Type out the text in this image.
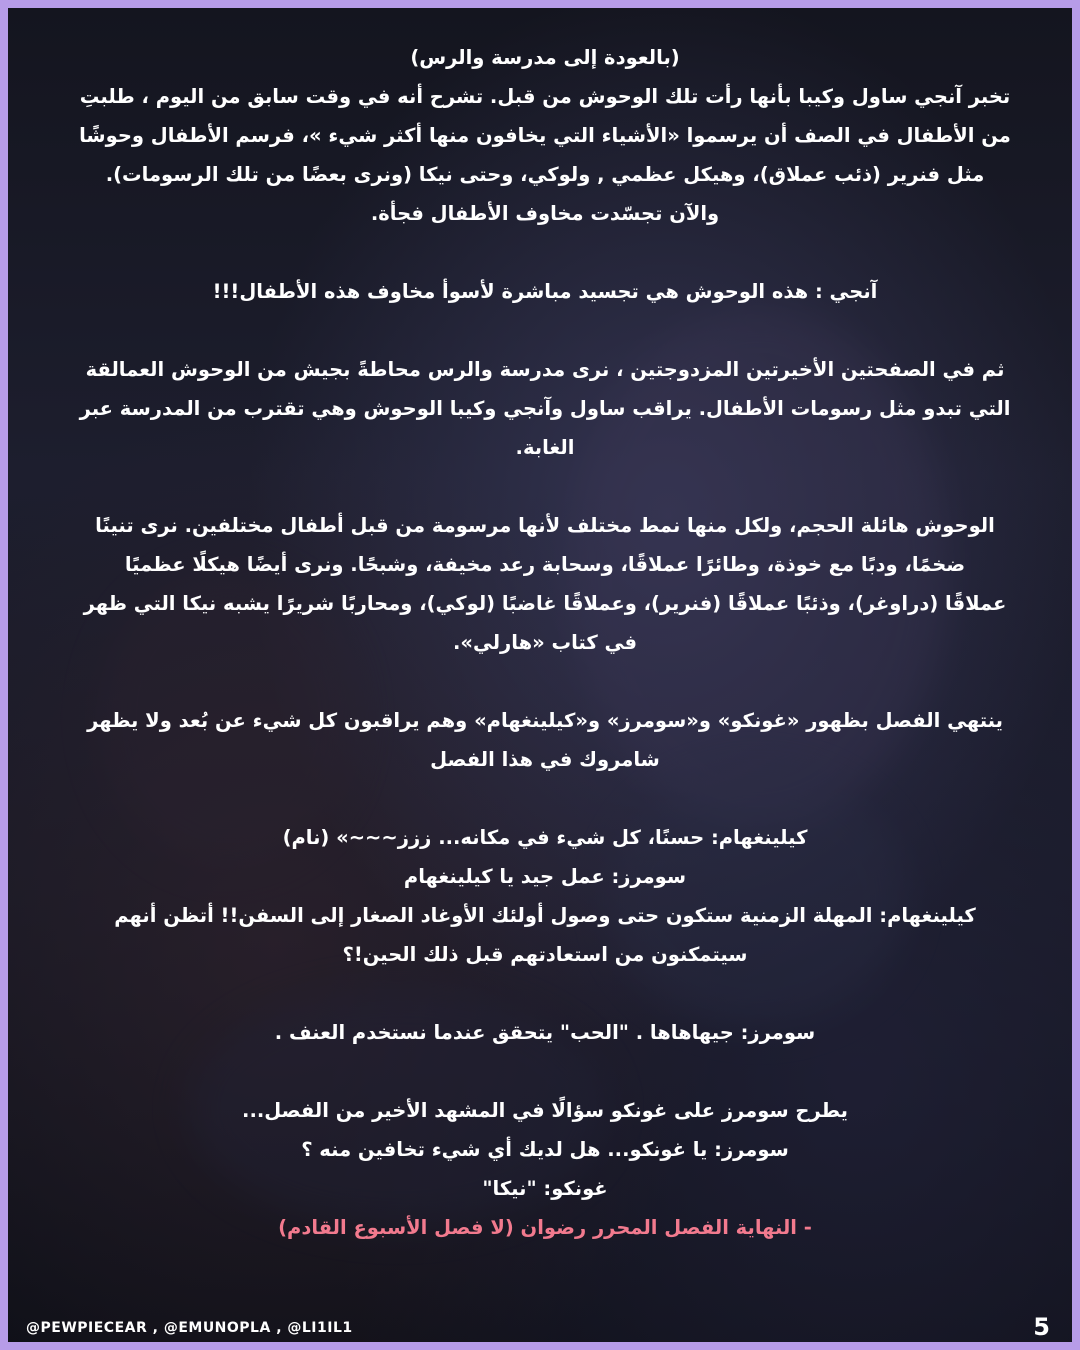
(بالعودة إلى مدرسة والرس)
تخبر آنجي ساول وكيبا بأنها رأت تلك الوحوش من قبل. تشرح أنه في وقت سابق من اليوم ، طلبتِ
من الأطفال في الصف أن يرسموا «الأشياء التي يخافون منها أكثر شيء »، فرسم الأطفال وحوشًا
مثل فنرير (ذئب عملاق)، وهيكل عظمي , ولوكي، وحتى نيكا (ونرى بعضًا من تلك الرسومات).
والآن تجسّدت مخاوف الأطفال فجأة.
آنجي : هذه الوحوش هي تجسيد مباشرة لأسوأ مخاوف هذه الأطفال!!!
ثم في الصفحتين الأخيرتين المزدوجتين ، نرى مدرسة والرس محاطةً بجيش من الوحوش العمالقة
التي تبدو مثل رسومات الأطفال. يراقب ساول وآنجي وكيبا الوحوش وهي تقترب من المدرسة عبر
الغابة.
الوحوش هائلة الحجم، ولكل منها نمط مختلف لأنها مرسومة من قبل أطفال مختلفين. نرى تنينًا
ضخمًا، ودبًا مع خوذة، وطائرًا عملاقًا، وسحابة رعد مخيفة، وشبحًا. ونرى أيضًا هيكلًا عظميًا
عملاقًا (دراوغر)، وذئبًا عملاقًا (فنرير)، وعملاقًا غاضبًا (لوكي)، ومحاربًا شريرًا يشبه نيكا التي ظهر
في كتاب «هارلي».
ينتهي الفصل بظهور «غونكو» و«سومرز» و«كيلينغهام» وهم يراقبون كل شيء عن بُعد ولا يظهر
شامروك في هذا الفصل
كيلينغهام: حسنًا، كل شيء في مكانه... ززز~~~» (نام)
سومرز: عمل جيد يا كيلينغهام
كيلينغهام: المهلة الزمنية ستكون حتى وصول أولئك الأوغاد الصغار إلى السفن!! أتظن أنهم
سيتمكنون من استعادتهم قبل ذلك الحين!؟
سومرز: جيهاهاها . "الحب" يتحقق عندما نستخدم العنف .
يطرح سومرز على غونكو سؤالًا في المشهد الأخير من الفصل...
سومرز: يا غونكو... هل لديك أي شيء تخافين منه ؟
غونكو: "نيكا"
- النهاية الفصل المحرر رضوان (لا فصل الأسبوع القادم)
@PEWPIECEAR , @EMUNOPLA , @LI1IL1	5
